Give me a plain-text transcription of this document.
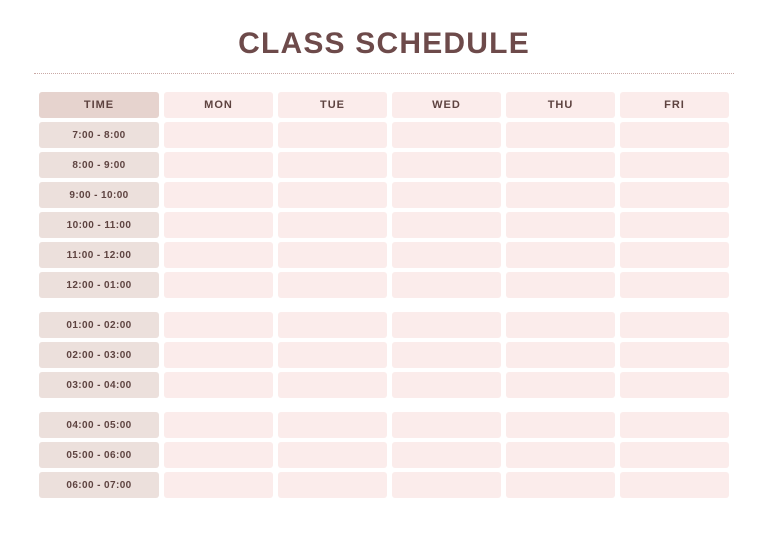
CLASS SCHEDULE
TIME	MON	TUE	WED	THU	FRI
7:00 - 8:00					
8:00 - 9:00					
9:00 - 10:00					
10:00 - 11:00					
11:00 - 12:00					
12:00 - 01:00					

01:00 - 02:00					
02:00 - 03:00					
03:00 - 04:00					

04:00 - 05:00					
05:00 - 06:00					
06:00 - 07:00					
